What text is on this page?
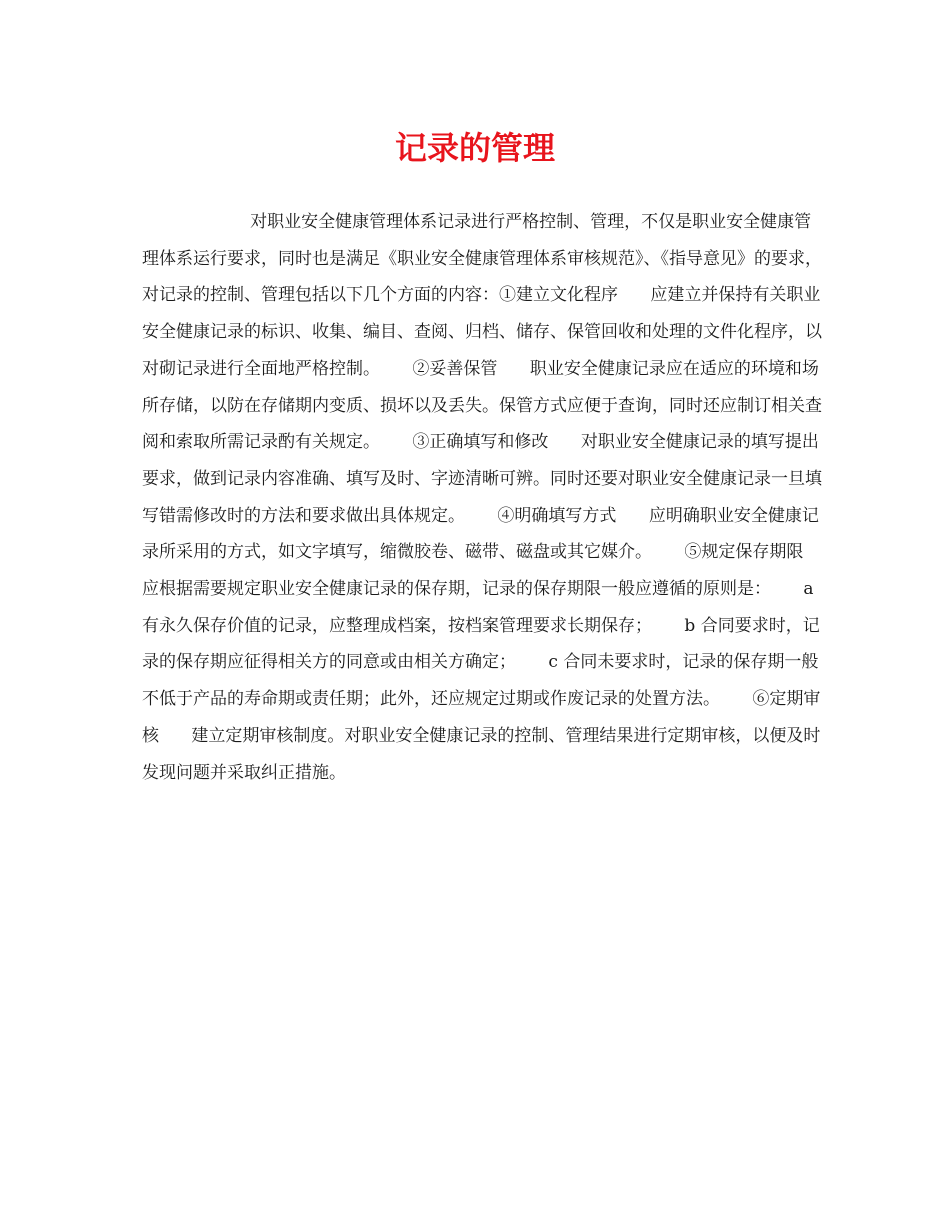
记录的管理

对职业安全健康管理体系记录进行严格控制、管理，不仅是职业安全健康管理体系运行要求，同时也是满足《职业安全健康管理体系审核规范》、《指导意见》的要求，对记录的控制、管理包括以下几个方面的内容：①建立文化程序      应建立并保持有关职业安全健康记录的标识、收集、编目、查阅、归档、储存、保管回收和处理的文件化程序，以对砌记录进行全面地严格控制。      ②妥善保管      职业安全健康记录应在适应的环境和场所存储，以防在存储期内变质、损坏以及丢失。保管方式应便于查询，同时还应制订相关查阅和索取所需记录酌有关规定。      ③正确填写和修改      对职业安全健康记录的填写提出要求，做到记录内容准确、填写及时、字迹清晰可辨。同时还要对职业安全健康记录一旦填写错需修改时的方法和要求做出具体规定。      ④明确填写方式      应明确职业安全健康记录所采用的方式，如文字填写，缩微胶卷、磁带、磁盘或其它媒介。      ⑤规定保存期限      应根据需要规定职业安全健康记录的保存期，记录的保存期限一般应遵循的原则是：      a 有永久保存价值的记录，应整理成档案，按档案管理要求长期保存；      b 合同要求时，记录的保存期应征得相关方的同意或由相关方确定；      c 合同未要求时，记录的保存期一般不低于产品的寿命期或责任期；此外，还应规定过期或作废记录的处置方法。      ⑥定期审核      建立定期审核制度。对职业安全健康记录的控制、管理结果进行定期审核，以便及时发现问题并采取纠正措施。
